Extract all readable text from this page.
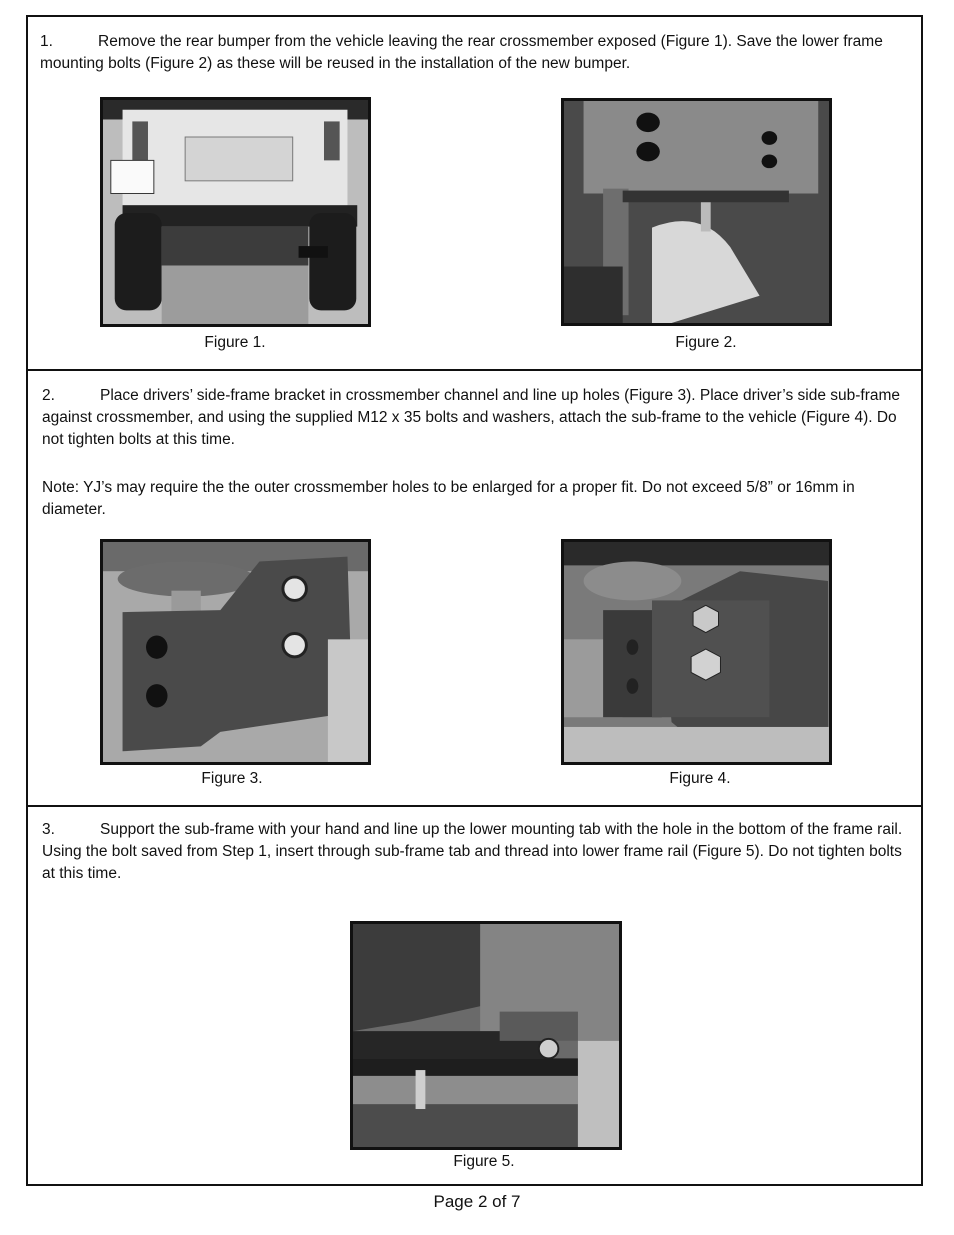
1.	Remove the rear bumper from the vehicle leaving the rear crossmember exposed (Figure 1). Save the lower frame mounting bolts (Figure 2) as these will be reused in the installation of the new bumper.
Figure 1.	Figure 2.
2.	Place drivers’ side-frame bracket in crossmember channel and line up holes (Figure 3). Place driver’s side sub-frame against crossmember, and using the supplied M12 x 35 bolts and washers, attach the sub-frame to the vehicle (Figure 4). Do not tighten bolts at this time.
Note: YJ’s may require the the outer crossmember holes to be enlarged for a proper fit. Do not exceed 5/8” or 16mm in diameter.
Figure 3.	Figure 4.
3.	Support the sub-frame with your hand and line up the lower mounting tab with the hole in the bottom of the frame rail. Using the bolt saved from Step 1, insert through sub-frame tab and thread into lower frame rail (Figure 5). Do not tighten bolts at this time.
Figure 5.
Page 2 of 7
